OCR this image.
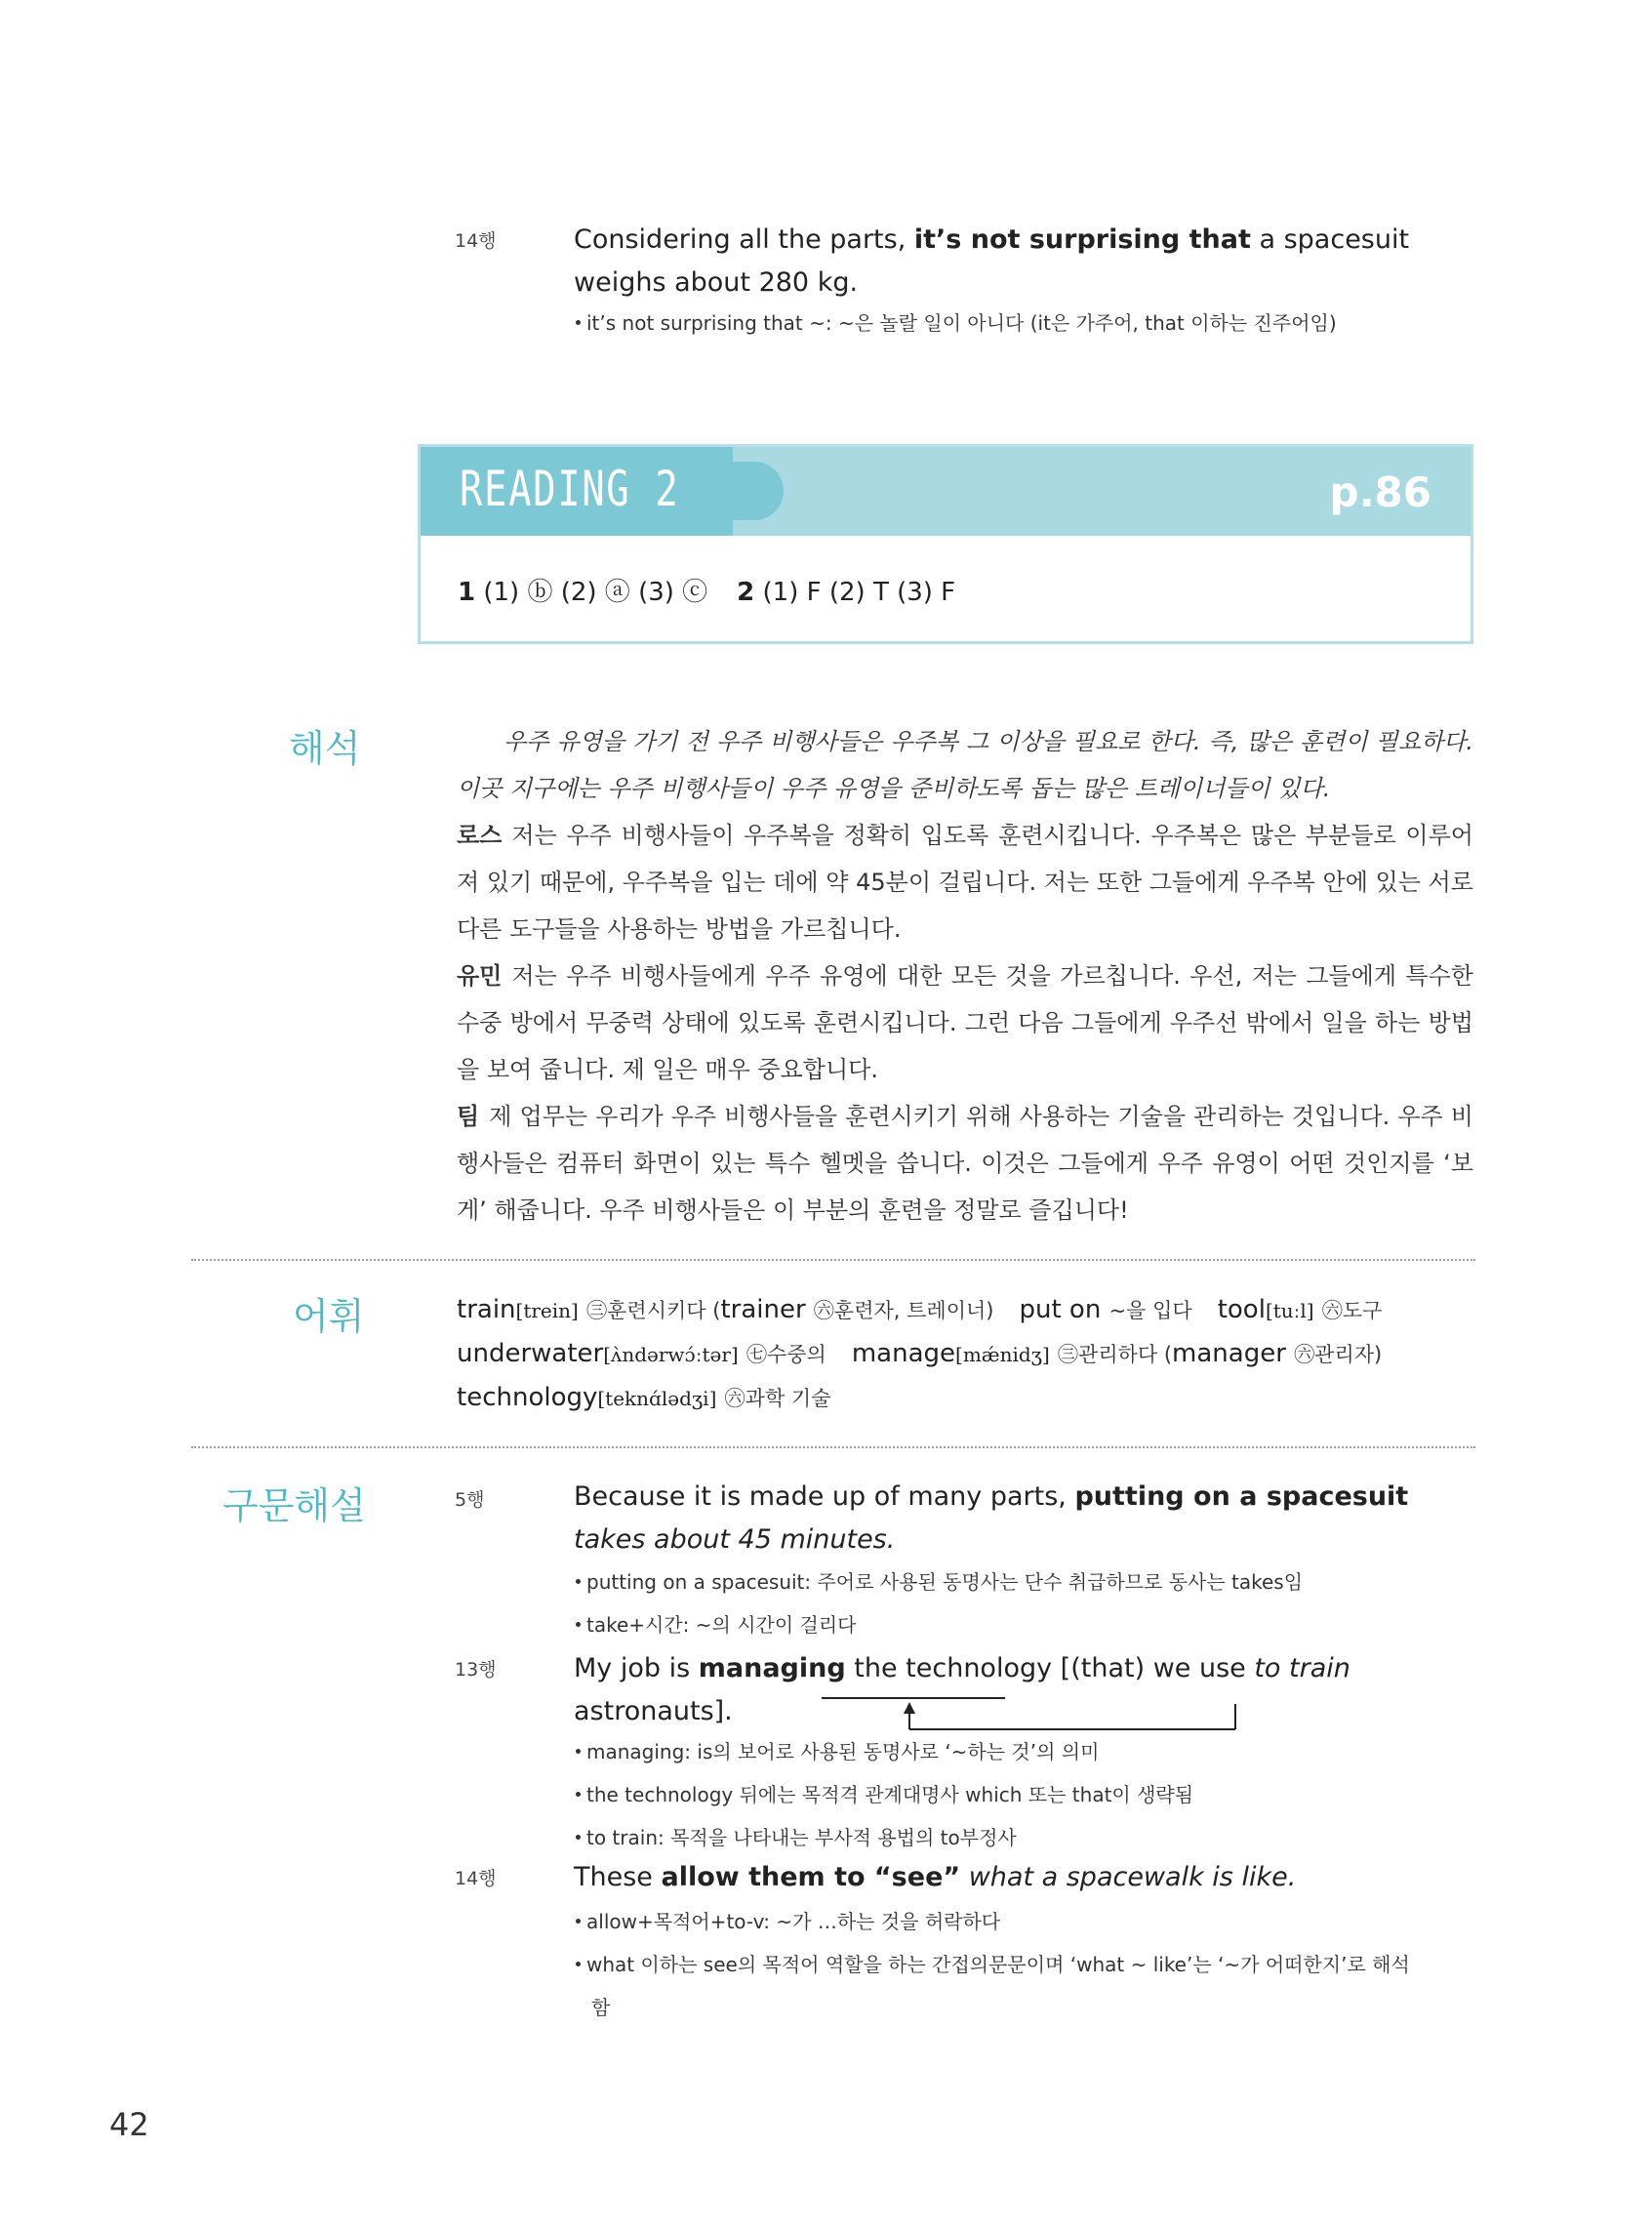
14행	Considering all the parts, it’s not surprising that a spacesuit weighs about 280 kg.
it’s not surprising that ~: ~은 놀랄 일이 아니다 (it은 가주어, that 이하는 진주어임)
READING 2	p.86
1 (1) ⓑ (2) ⓐ (3) ⓒ 2 (1) F (2) T (3) F
해석	우주 유영을 가기 전 우주 비행사들은 우주복 그 이상을 필요로 한다. 즉, 많은 훈련이 필요하다. 이곳 지구에는 우주 비행사들이 우주 유영을 준비하도록 돕는 많은 트레이너들이 있다.

로스 저는 우주 비행사들이 우주복을 정확히 입도록 훈련시킵니다. 우주복은 많은 부분들로 이루어져 있기 때문에, 우주복을 입는 데에 약 45분이 걸립니다. 저는 또한 그들에게 우주복 안에 있는 서로 다른 도구들을 사용하는 방법을 가르칩니다.

유민 저는 우주 비행사들에게 우주 유영에 대한 모든 것을 가르칩니다. 우선, 저는 그들에게 특수한 수중 방에서 무중력 상태에 있도록 훈련시킵니다. 그런 다음 그들에게 우주선 밖에서 일을 하는 방법을 보여 줍니다. 제 일은 매우 중요합니다.

팀 제 업무는 우리가 우주 비행사들을 훈련시키기 위해 사용하는 기술을 관리하는 것입니다. 우주 비행사들은 컴퓨터 화면이 있는 특수 헬멧을 씁니다. 이것은 그들에게 우주 유영이 어떤 것인지를 ‘보게’ 해줍니다. 우주 비행사들은 이 부분의 훈련을 정말로 즐깁니다!

어휘	train[trein] ㊂훈련시키다 (trainer ㊅훈련자, 트레이너) put on ~을 입다 tool[tuːl] ㊅도구
underwater[ʌ̀ndərwɔ́ːtər] ㊆수중의 manage[mǽnidʒ] ㊂관리하다 (manager ㊅관리자)
technology[teknɑ́lədʒi] ㊅과학 기술
구문해설	5행	Because it is made up of many parts, putting on a spacesuit takes about 45 minutes.
putting on a spacesuit: 주어로 사용된 동명사는 단수 취급하므로 동사는 takes임
take+시간: ~의 시간이 걸리다
13행	My job is managing the technology [(that) we use to train astronauts].
managing: is의 보어로 사용된 동명사로 ‘~하는 것’의 의미
the technology 뒤에는 목적격 관계대명사 which 또는 that이 생략됨
to train: 목적을 나타내는 부사적 용법의 to부정사
14행	These allow them to “see” what a spacewalk is like.
allow+목적어+to-v: ~가 …하는 것을 허락하다
what 이하는 see의 목적어 역할을 하는 간접의문문이며 ‘what ~ like’는 ‘~가 어떠한지’로 해석
함
42
